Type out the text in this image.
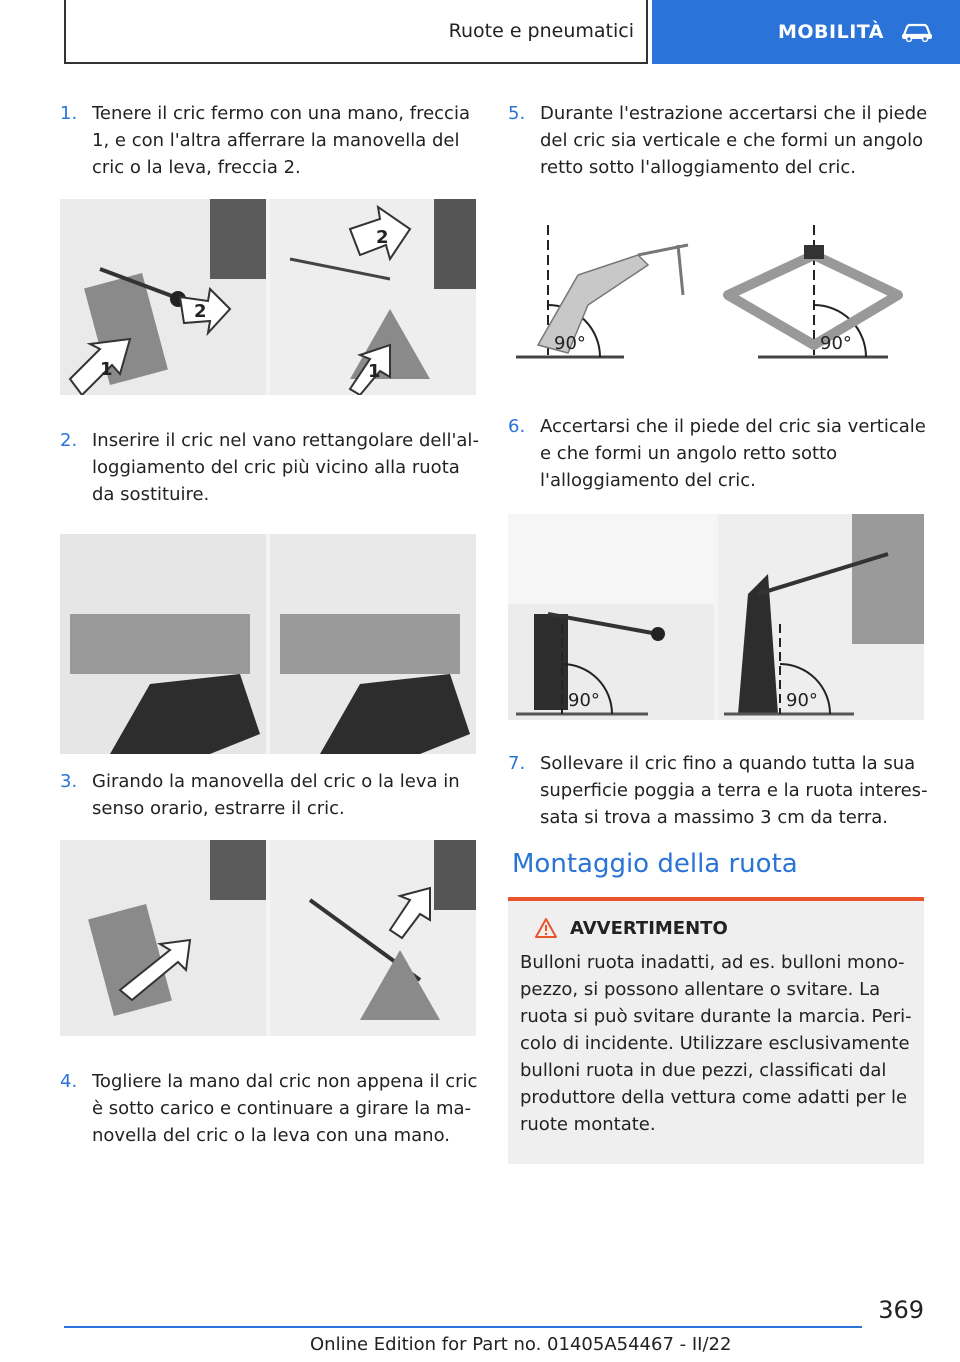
Ruote e pneumatici	MOBILITÀ
1. Tenere il cric fermo con una mano, freccia 1, e con l'altra afferrare la manovella del cric o la leva, freccia 2.
1
2
1
2
2. Inserire il cric nel vano rettangolare dell'alloggiamento del cric più vicino alla ruota da sostituire.
3. Girando la manovella del cric o la leva in senso orario, estrarre il cric.
4. Togliere la mano dal cric non appena il cric è sotto carico e continuare a girare la manovella del cric o la leva con una mano.
5. Durante l'estrazione accertarsi che il piede del cric sia verticale e che formi un angolo retto sotto l'alloggiamento del cric.
90°	90°
6. Accertarsi che il piede del cric sia verticale e che formi un angolo retto sotto l'alloggiamento del cric.
90°	90°
7. Sollevare il cric fino a quando tutta la sua superficie poggia a terra e la ruota interessata si trova a massimo 3 cm da terra.
Montaggio della ruota
AVVERTIMENTO
Bulloni ruota inadatti, ad es. bulloni monopezzo, si possono allentare o svitare. La ruota si può svitare durante la marcia. Pericolo di incidente. Utilizzare esclusivamente bulloni ruota in due pezzi, classificati dal produttore della vettura come adatti per le ruote montate.
369
Online Edition for Part no. 01405A54467 - II/22
